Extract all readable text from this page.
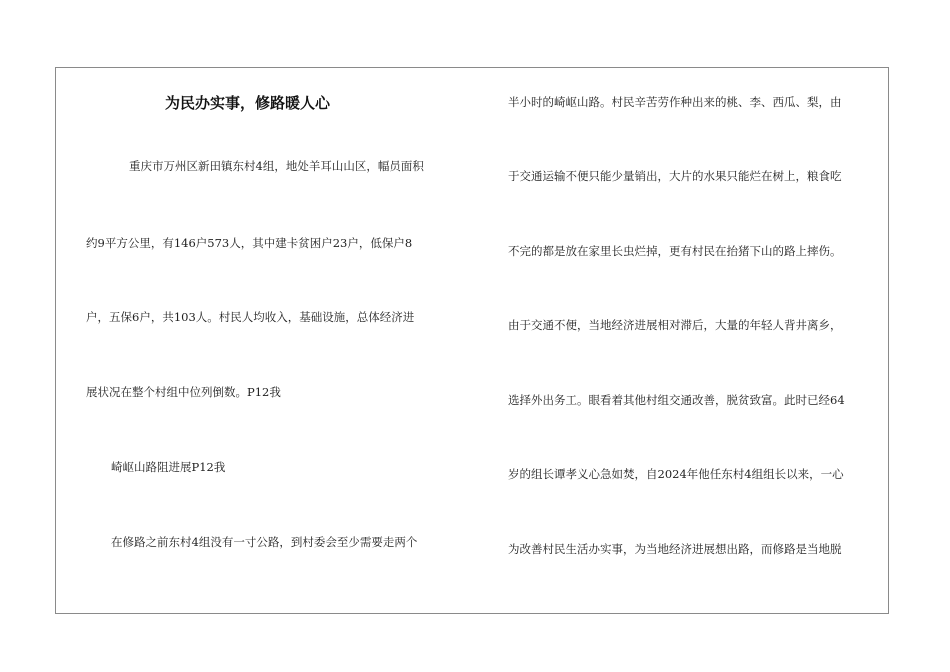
为民办实事，修路暖人心
重庆市万州区新田镇东村4组，地处羊耳山山区，幅员面积
约9平方公里，有146户573人，其中建卡贫困户23户，低保户8
户，五保6户，共103人。村民人均收入，基础设施，总体经济进
展状况在整个村组中位列倒数。P12我
崎岖山路阻进展P12我
在修路之前东村4组没有一寸公路，到村委会至少需要走两个
半小时的崎岖山路。村民辛苦劳作种出来的桃、李、西瓜、梨，由
于交通运输不便只能少量销出，大片的水果只能烂在树上，粮食吃
不完的都是放在家里长虫烂掉，更有村民在抬猪下山的路上摔伤。
由于交通不便，当地经济进展相对滞后，大量的年轻人背井离乡，
选择外出务工。眼看着其他村组交通改善，脱贫致富。此时已经64
岁的组长谭孝义心急如焚，自2024年他任东村4组组长以来，一心
为改善村民生活办实事，为当地经济进展想出路，而修路是当地脱
